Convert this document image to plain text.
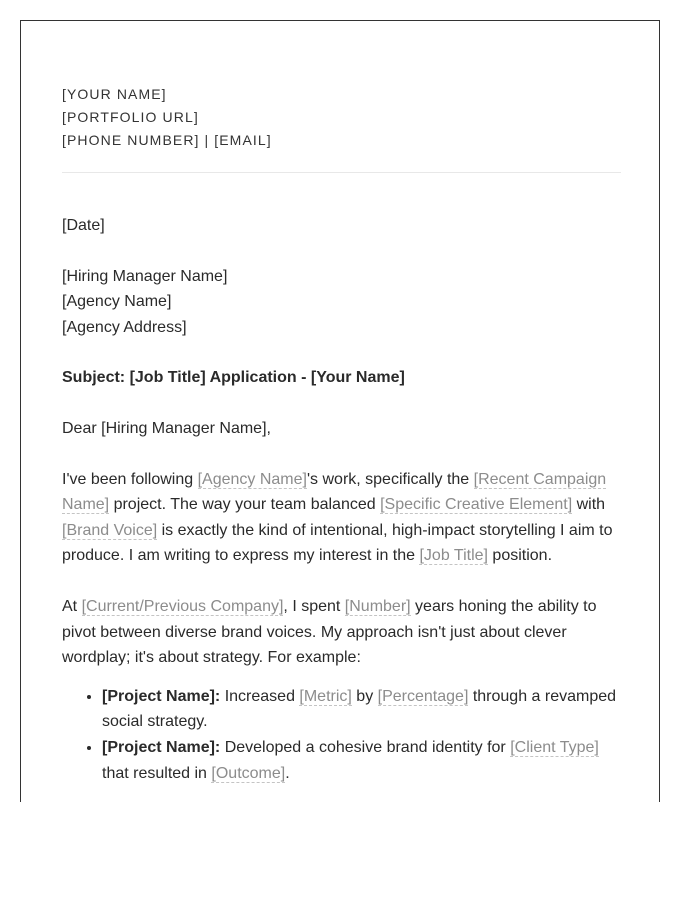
[YOUR NAME]
[PORTFOLIO URL]
[PHONE NUMBER] | [EMAIL]
[Date]
[Hiring Manager Name]
[Agency Name]
[Agency Address]
Subject: [Job Title] Application - [Your Name]
Dear [Hiring Manager Name],

I've been following [Agency Name]'s work, specifically the [Recent Campaign Name] project. The way your team balanced [Specific Creative Element] with [Brand Voice] is exactly the kind of intentional, high-impact storytelling I aim to produce. I am writing to express my interest in the [Job Title] position.

At [Current/Previous Company], I spent [Number] years honing the ability to pivot between diverse brand voices. My approach isn't just about clever wordplay; it's about strategy. For example:

• [Project Name]: Increased [Metric] by [Percentage] through a revamped social strategy.
• [Project Name]: Developed a cohesive brand identity for [Client Type] that resulted in [Outcome].
